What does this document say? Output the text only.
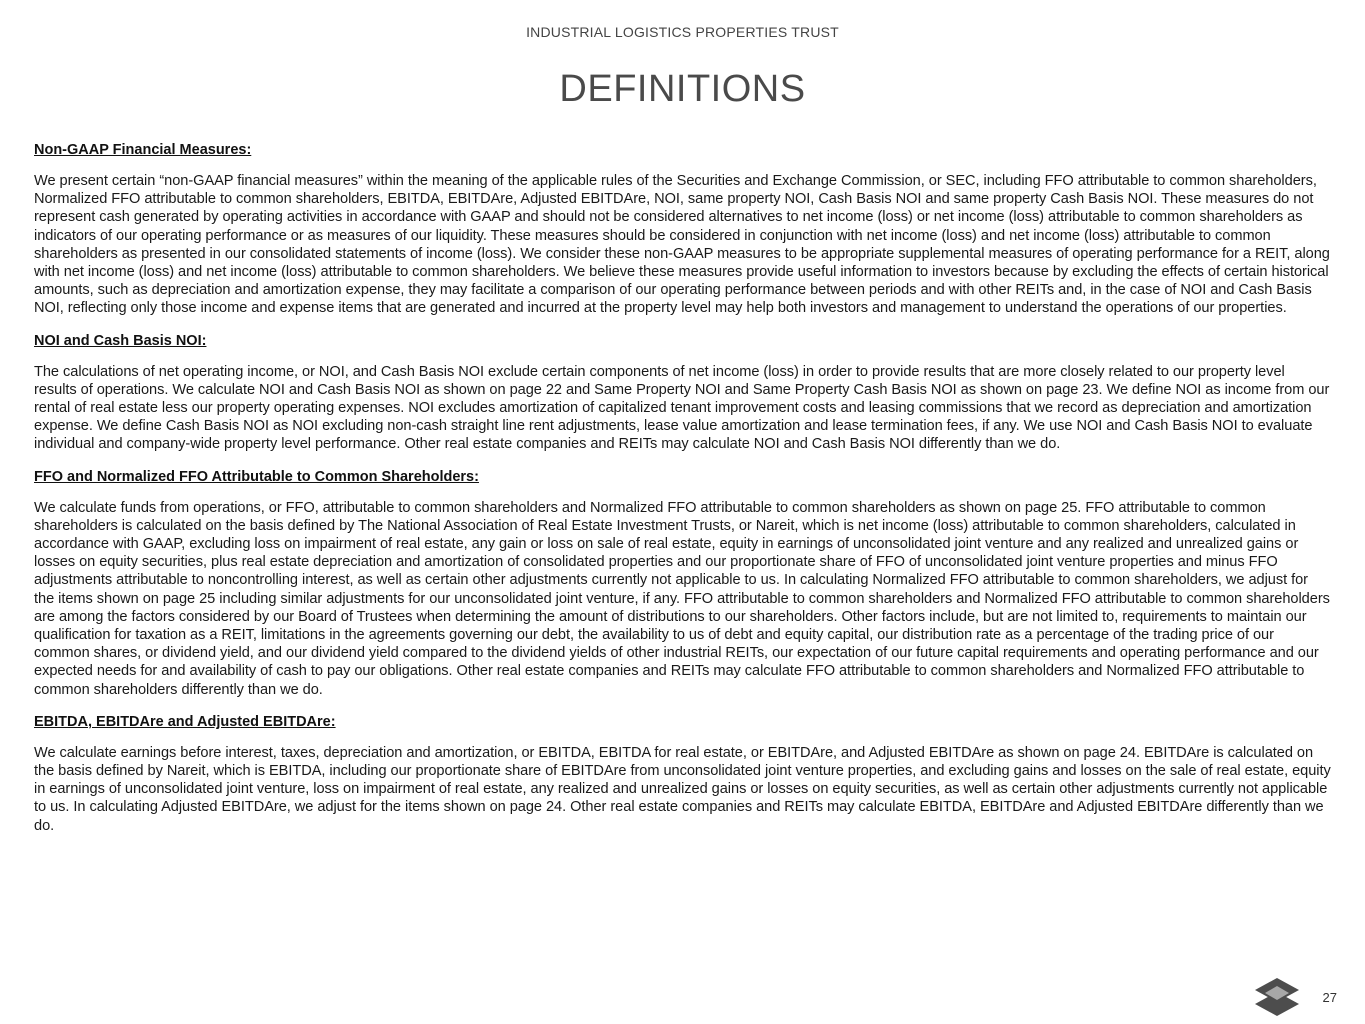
INDUSTRIAL LOGISTICS PROPERTIES TRUST
DEFINITIONS

Non-GAAP Financial Measures:

We present certain “non-GAAP financial measures” within the meaning of the applicable rules of the Securities and Exchange Commission, or SEC, including FFO attributable to common shareholders, Normalized FFO attributable to common shareholders, EBITDA, EBITDAre, Adjusted EBITDAre, NOI, same property NOI, Cash Basis NOI and same property Cash Basis NOI. These measures do not represent cash generated by operating activities in accordance with GAAP and should not be considered alternatives to net income (loss) or net income (loss) attributable to common shareholders as indicators of our operating performance or as measures of our liquidity. These measures should be considered in conjunction with net income (loss) and net income (loss) attributable to common shareholders as presented in our consolidated statements of income (loss). We consider these non-GAAP measures to be appropriate supplemental measures of operating performance for a REIT, along with net income (loss) and net income (loss) attributable to common shareholders. We believe these measures provide useful information to investors because by excluding the effects of certain historical amounts, such as depreciation and amortization expense, they may facilitate a comparison of our operating performance between periods and with other REITs and, in the case of NOI and Cash Basis NOI, reflecting only those income and expense items that are generated and incurred at the property level may help both investors and management to understand the operations of our properties.

NOI and Cash Basis NOI:

The calculations of net operating income, or NOI, and Cash Basis NOI exclude certain components of net income (loss) in order to provide results that are more closely related to our property level results of operations. We calculate NOI and Cash Basis NOI as shown on page 22 and Same Property NOI and Same Property Cash Basis NOI as shown on page 23. We define NOI as income from our rental of real estate less our property operating expenses. NOI excludes amortization of capitalized tenant improvement costs and leasing commissions that we record as depreciation and amortization expense. We define Cash Basis NOI as NOI excluding non-cash straight line rent adjustments, lease value amortization and lease termination fees, if any. We use NOI and Cash Basis NOI to evaluate individual and company-wide property level performance. Other real estate companies and REITs may calculate NOI and Cash Basis NOI differently than we do.

FFO and Normalized FFO Attributable to Common Shareholders:

We calculate funds from operations, or FFO, attributable to common shareholders and Normalized FFO attributable to common shareholders as shown on page 25. FFO attributable to common shareholders is calculated on the basis defined by The National Association of Real Estate Investment Trusts, or Nareit, which is net income (loss) attributable to common shareholders, calculated in accordance with GAAP, excluding loss on impairment of real estate, any gain or loss on sale of real estate, equity in earnings of unconsolidated joint venture and any realized and unrealized gains or losses on equity securities, plus real estate depreciation and amortization of consolidated properties and our proportionate share of FFO of unconsolidated joint venture properties and minus FFO adjustments attributable to noncontrolling interest, as well as certain other adjustments currently not applicable to us. In calculating Normalized FFO attributable to common shareholders, we adjust for the items shown on page 25 including similar adjustments for our unconsolidated joint venture, if any. FFO attributable to common shareholders and Normalized FFO attributable to common shareholders are among the factors considered by our Board of Trustees when determining the amount of distributions to our shareholders. Other factors include, but are not limited to, requirements to maintain our qualification for taxation as a REIT, limitations in the agreements governing our debt, the availability to us of debt and equity capital, our distribution rate as a percentage of the trading price of our common shares, or dividend yield, and our dividend yield compared to the dividend yields of other industrial REITs, our expectation of our future capital requirements and operating performance and our expected needs for and availability of cash to pay our obligations. Other real estate companies and REITs may calculate FFO attributable to common shareholders and Normalized FFO attributable to common shareholders differently than we do.

EBITDA, EBITDAre and Adjusted EBITDAre:

We calculate earnings before interest, taxes, depreciation and amortization, or EBITDA, EBITDA for real estate, or EBITDAre, and Adjusted EBITDAre as shown on page 24. EBITDAre is calculated on the basis defined by Nareit, which is EBITDA, including our proportionate share of EBITDAre from unconsolidated joint venture properties, and excluding gains and losses on the sale of real estate, equity in earnings of unconsolidated joint venture, loss on impairment of real estate, any realized and unrealized gains or losses on equity securities, as well as certain other adjustments currently not applicable to us. In calculating Adjusted EBITDAre, we adjust for the items shown on page 24. Other real estate companies and REITs may calculate EBITDA, EBITDAre and Adjusted EBITDAre differently than we do.

27
